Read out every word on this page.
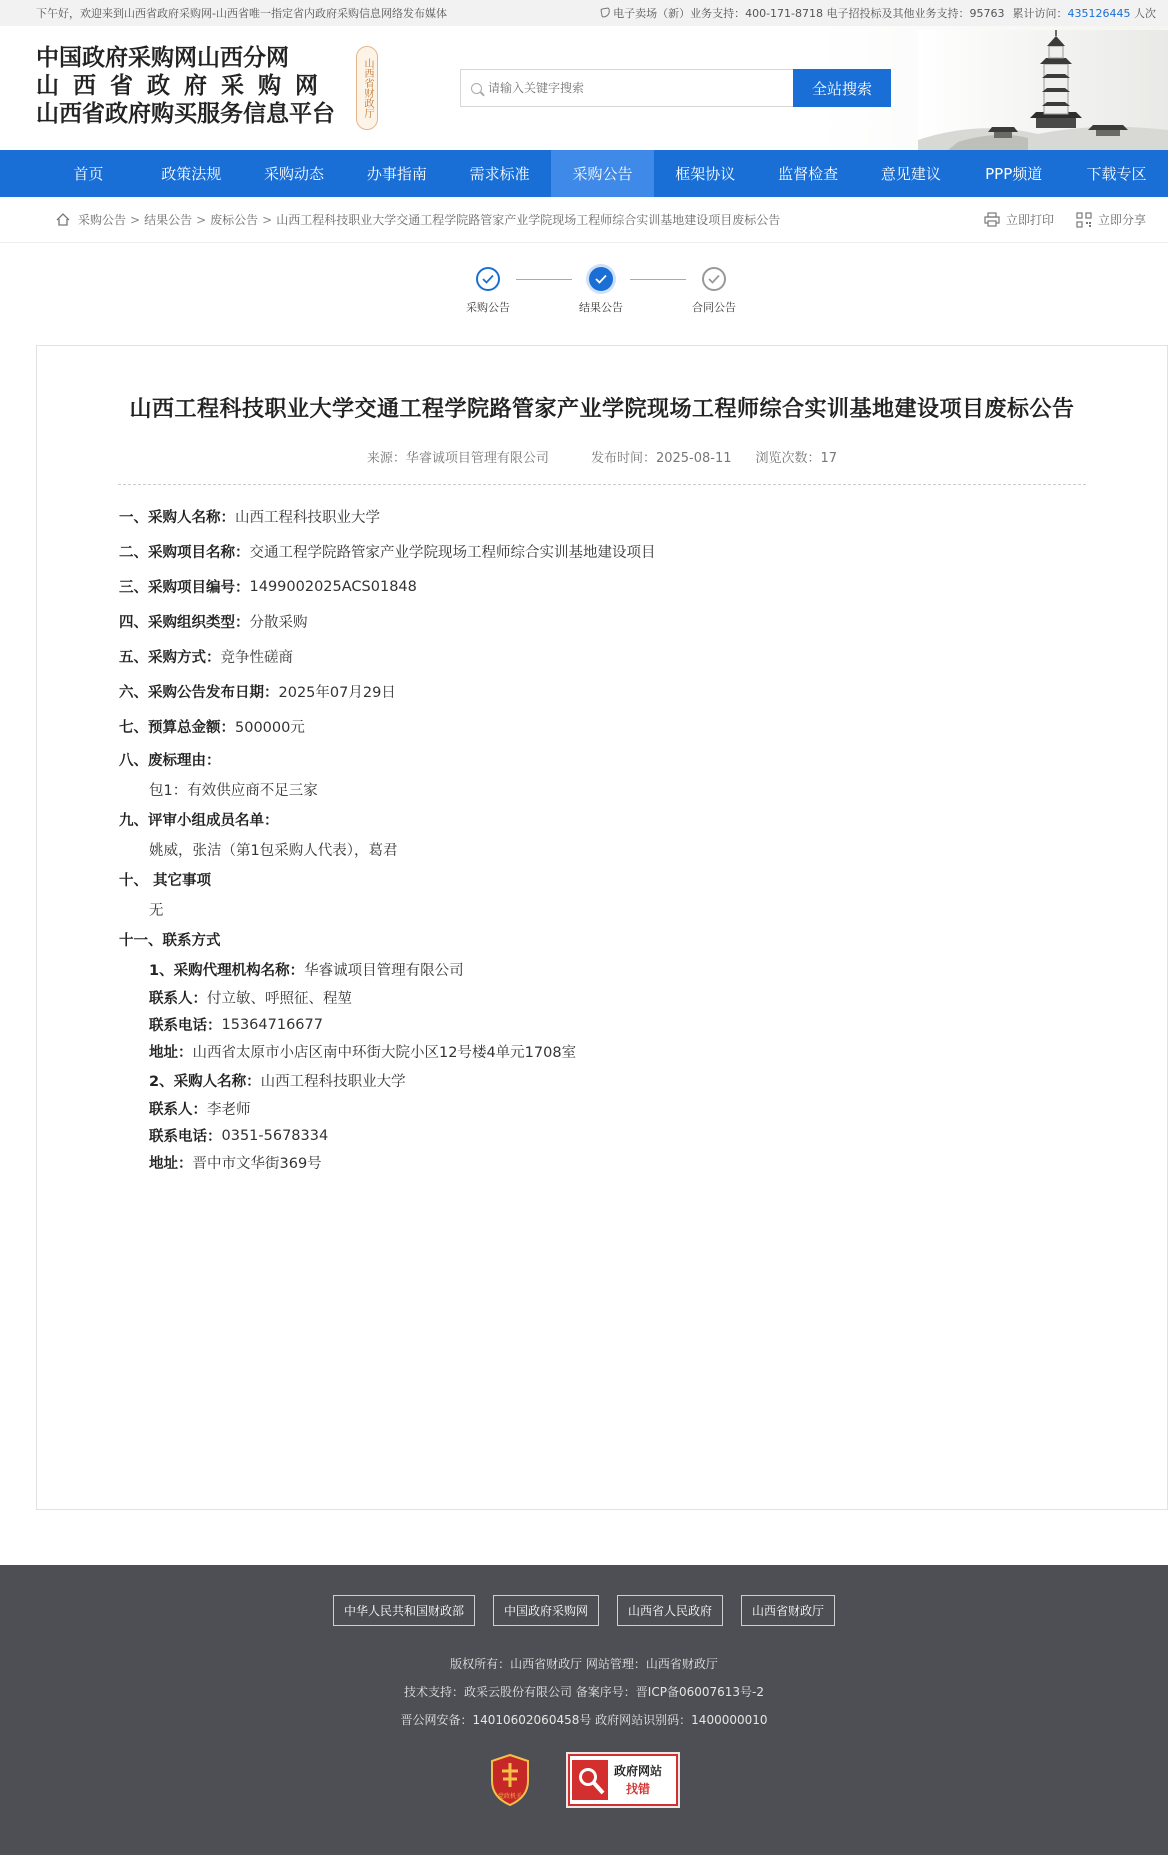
下午好，欢迎来到山西省政府采购网-山西省唯一指定省内政府采购信息网络发布媒体	电子卖场（新）业务支持：400-171-8718 电子招投标及其他业务支持：95763 累计访问：435126445 人次
中国政府采购网山西分网
山西省政府采购网
山西省政府购买服务信息平台	山西省财政厅
请输入关键字搜索	全站搜索
首页	政策法规	采购动态	办事指南	需求标准	采购公告	框架协议	监督检查	意见建议	PPP频道	下载专区
采购公告 > 结果公告 > 废标公告 > 山西工程科技职业大学交通工程学院路管家产业学院现场工程师综合实训基地建设项目废标公告	立即打印	立即分享
采购公告	结果公告	合同公告
山西工程科技职业大学交通工程学院路管家产业学院现场工程师综合实训基地建设项目废标公告
来源：华睿诚项目管理有限公司	发布时间：2025-08-11 浏览次数：17
一、采购人名称： 山西工程科技职业大学
二、采购项目名称： 交通工程学院路管家产业学院现场工程师综合实训基地建设项目
三、采购项目编号： 1499002025ACS01848
四、采购组织类型： 分散采购
五、采购方式： 竞争性磋商
六、采购公告发布日期： 2025年07月29日
七、预算总金额： 500000元
八、废标理由：
包1：有效供应商不足三家
九、评审小组成员名单：
姚威，张洁（第1包采购人代表），葛君
十、 其它事项
无
十一、联系方式
1、采购代理机构名称： 华睿诚项目管理有限公司
联系人： 付立敏、呼照征、程堃
联系电话： 15364716677
地址： 山西省太原市小店区南中环街大院小区12号楼4单元1708室
2、采购人名称： 山西工程科技职业大学
联系人： 李老师
联系电话： 0351-5678334
地址： 晋中市文华街369号
中华人民共和国财政部	中国政府采购网	山西省人民政府	山西省财政厅
版权所有：山西省财政厅 网站管理：山西省财政厅
技术支持：政采云股份有限公司 备案序号：晋ICP备06007613号-2
晋公网安备：14010602060458号 政府网站识别码：1400000010
党政机关
政府网站
找错
